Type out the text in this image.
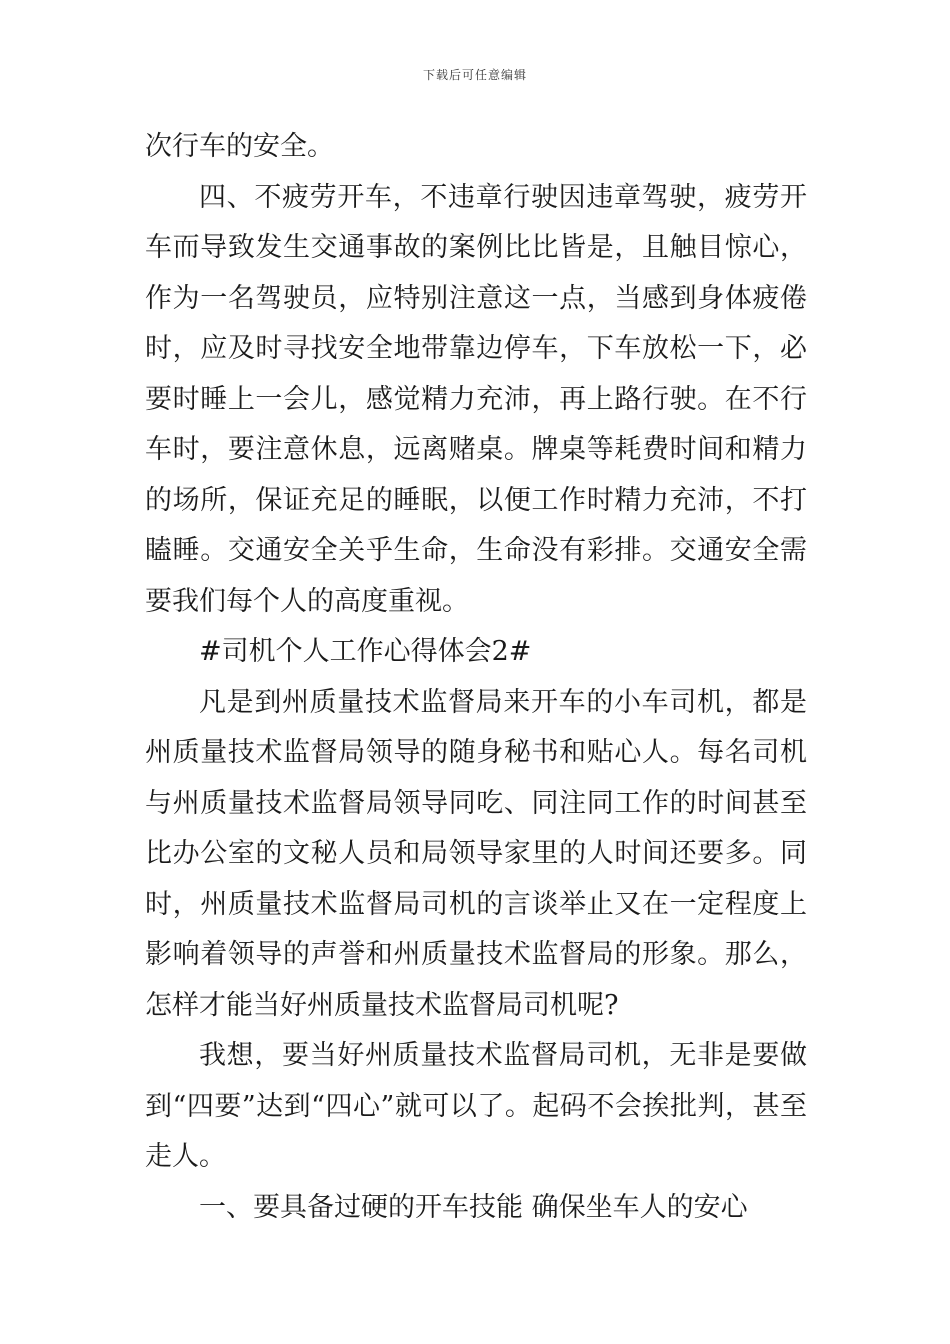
下载后可任意编辑

次行车的安全。

四、不疲劳开车，不违章行驶因违章驾驶，疲劳开车而导致发生交通事故的案例比比皆是，且触目惊心，作为一名驾驶员，应特别注意这一点，当感到身体疲倦时，应及时寻找安全地带靠边停车，下车放松一下，必要时睡上一会儿，感觉精力充沛，再上路行驶。在不行车时，要注意休息，远离赌桌。牌桌等耗费时间和精力的场所，保证充足的睡眠，以便工作时精力充沛，不打瞌睡。交通安全关乎生命，生命没有彩排。交通安全需要我们每个人的高度重视。

#司机个人工作心得体会2#

凡是到州质量技术监督局来开车的小车司机，都是州质量技术监督局领导的随身秘书和贴心人。每名司机与州质量技术监督局领导同吃、同注同工作的时间甚至比办公室的文秘人员和局领导家里的人时间还要多。同时，州质量技术监督局司机的言谈举止又在一定程度上影响着领导的声誉和州质量技术监督局的形象。那么，怎样才能当好州质量技术监督局司机呢?

我想，要当好州质量技术监督局司机，无非是要做到“四要”达到“四心”就可以了。起码不会挨批判，甚至走人。

一、要具备过硬的开车技能 确保坐车人的安心
